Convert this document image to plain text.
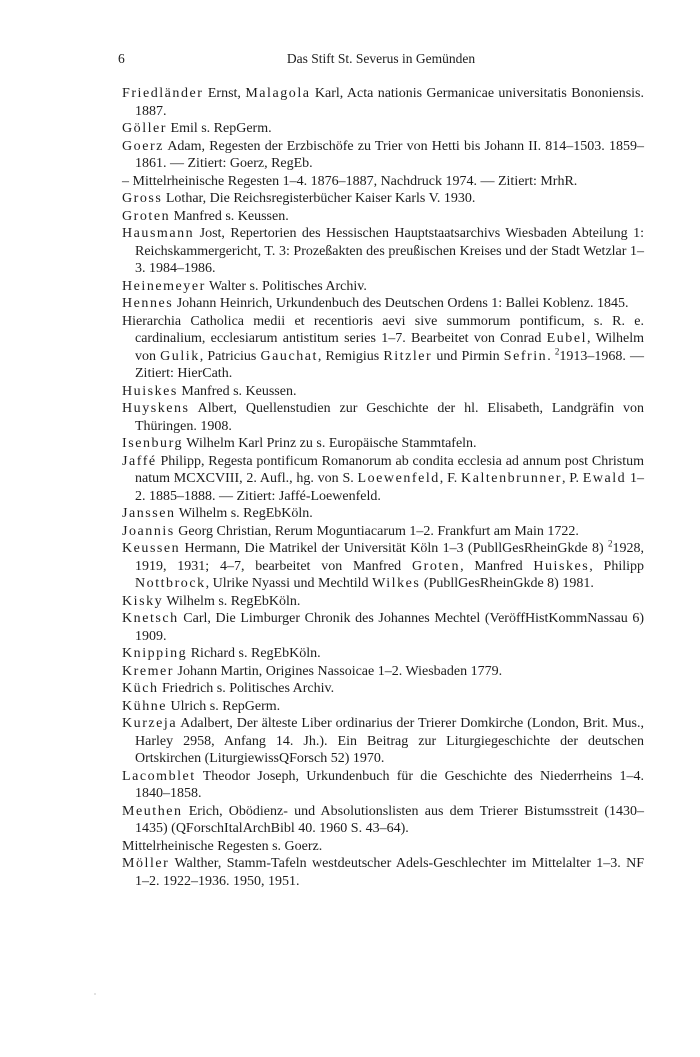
6	Das Stift St. Severus in Gemünden
Friedländer Ernst, Malagola Karl, Acta nationis Germanicae universitatis Bononiensis. 1887.
Göller Emil s. RepGerm.
Goerz Adam, Regesten der Erzbischöfe zu Trier von Hetti bis Johann II. 814–1503. 1859–1861. — Zitiert: Goerz, RegEb.
– Mittelrheinische Regesten 1–4. 1876–1887, Nachdruck 1974. — Zitiert: MrhR.
Gross Lothar, Die Reichsregisterbücher Kaiser Karls V. 1930.
Groten Manfred s. Keussen.
Hausmann Jost, Repertorien des Hessischen Hauptstaatsarchivs Wiesbaden Abteilung 1: Reichskammergericht, T. 3: Prozeßakten des preußischen Kreises und der Stadt Wetzlar 1–3. 1984–1986.
Heinemeyer Walter s. Politisches Archiv.
Hennes Johann Heinrich, Urkundenbuch des Deutschen Ordens 1: Ballei Koblenz. 1845.
Hierarchia Catholica medii et recentioris aevi sive summorum pontificum, s. R. e. cardinalium, ecclesiarum antistitum series 1–7. Bearbeitet von Conrad Eubel, Wilhelm von Gulik, Patricius Gauchat, Remigius Ritzler und Pirmin Sefrin. $^2$1913–1968. — Zitiert: HierCath.
Huiskes Manfred s. Keussen.
Huyskens Albert, Quellenstudien zur Geschichte der hl. Elisabeth, Landgräfin von Thüringen. 1908.
Isenburg Wilhelm Karl Prinz zu s. Europäische Stammtafeln.
Jaffé Philipp, Regesta pontificum Romanorum ab condita ecclesia ad annum post Christum natum MCXCVIII, 2. Aufl., hg. von S. Loewenfeld, F. Kaltenbrunner, P. Ewald 1–2. 1885–1888. — Zitiert: Jaffé-Loewenfeld.
Janssen Wilhelm s. RegEbKöln.
Joannis Georg Christian, Rerum Moguntiacarum 1–2. Frankfurt am Main 1722.
Keussen Hermann, Die Matrikel der Universität Köln 1–3 (PubllGesRheinGkde 8) $^2$1928, 1919, 1931; 4–7, bearbeitet von Manfred Groten, Manfred Huiskes, Philipp Nottbrock, Ulrike Nyassi und Mechtild Wilkes (PubllGesRheinGkde 8) 1981.
Kisky Wilhelm s. RegEbKöln.
Knetsch Carl, Die Limburger Chronik des Johannes Mechtel (VeröffHistKommNassau 6) 1909.
Knipping Richard s. RegEbKöln.
Kremer Johann Martin, Origines Nassoicae 1–2. Wiesbaden 1779.
Küch Friedrich s. Politisches Archiv.
Kühne Ulrich s. RepGerm.
Kurzeja Adalbert, Der älteste Liber ordinarius der Trierer Domkirche (London, Brit. Mus., Harley 2958, Anfang 14. Jh.). Ein Beitrag zur Liturgiegeschichte der deutschen Ortskirchen (LiturgiewissQForsch 52) 1970.
Lacomblet Theodor Joseph, Urkundenbuch für die Geschichte des Niederrheins 1–4. 1840–1858.
Meuthen Erich, Obödienz- und Absolutionslisten aus dem Trierer Bistumsstreit (1430–1435) (QForschItalArchBibl 40. 1960 S. 43–64).
Mittelrheinische Regesten s. Goerz.
Möller Walther, Stamm-Tafeln westdeutscher Adels-Geschlechter im Mittelalter 1–3. NF 1–2. 1922–1936. 1950, 1951.
